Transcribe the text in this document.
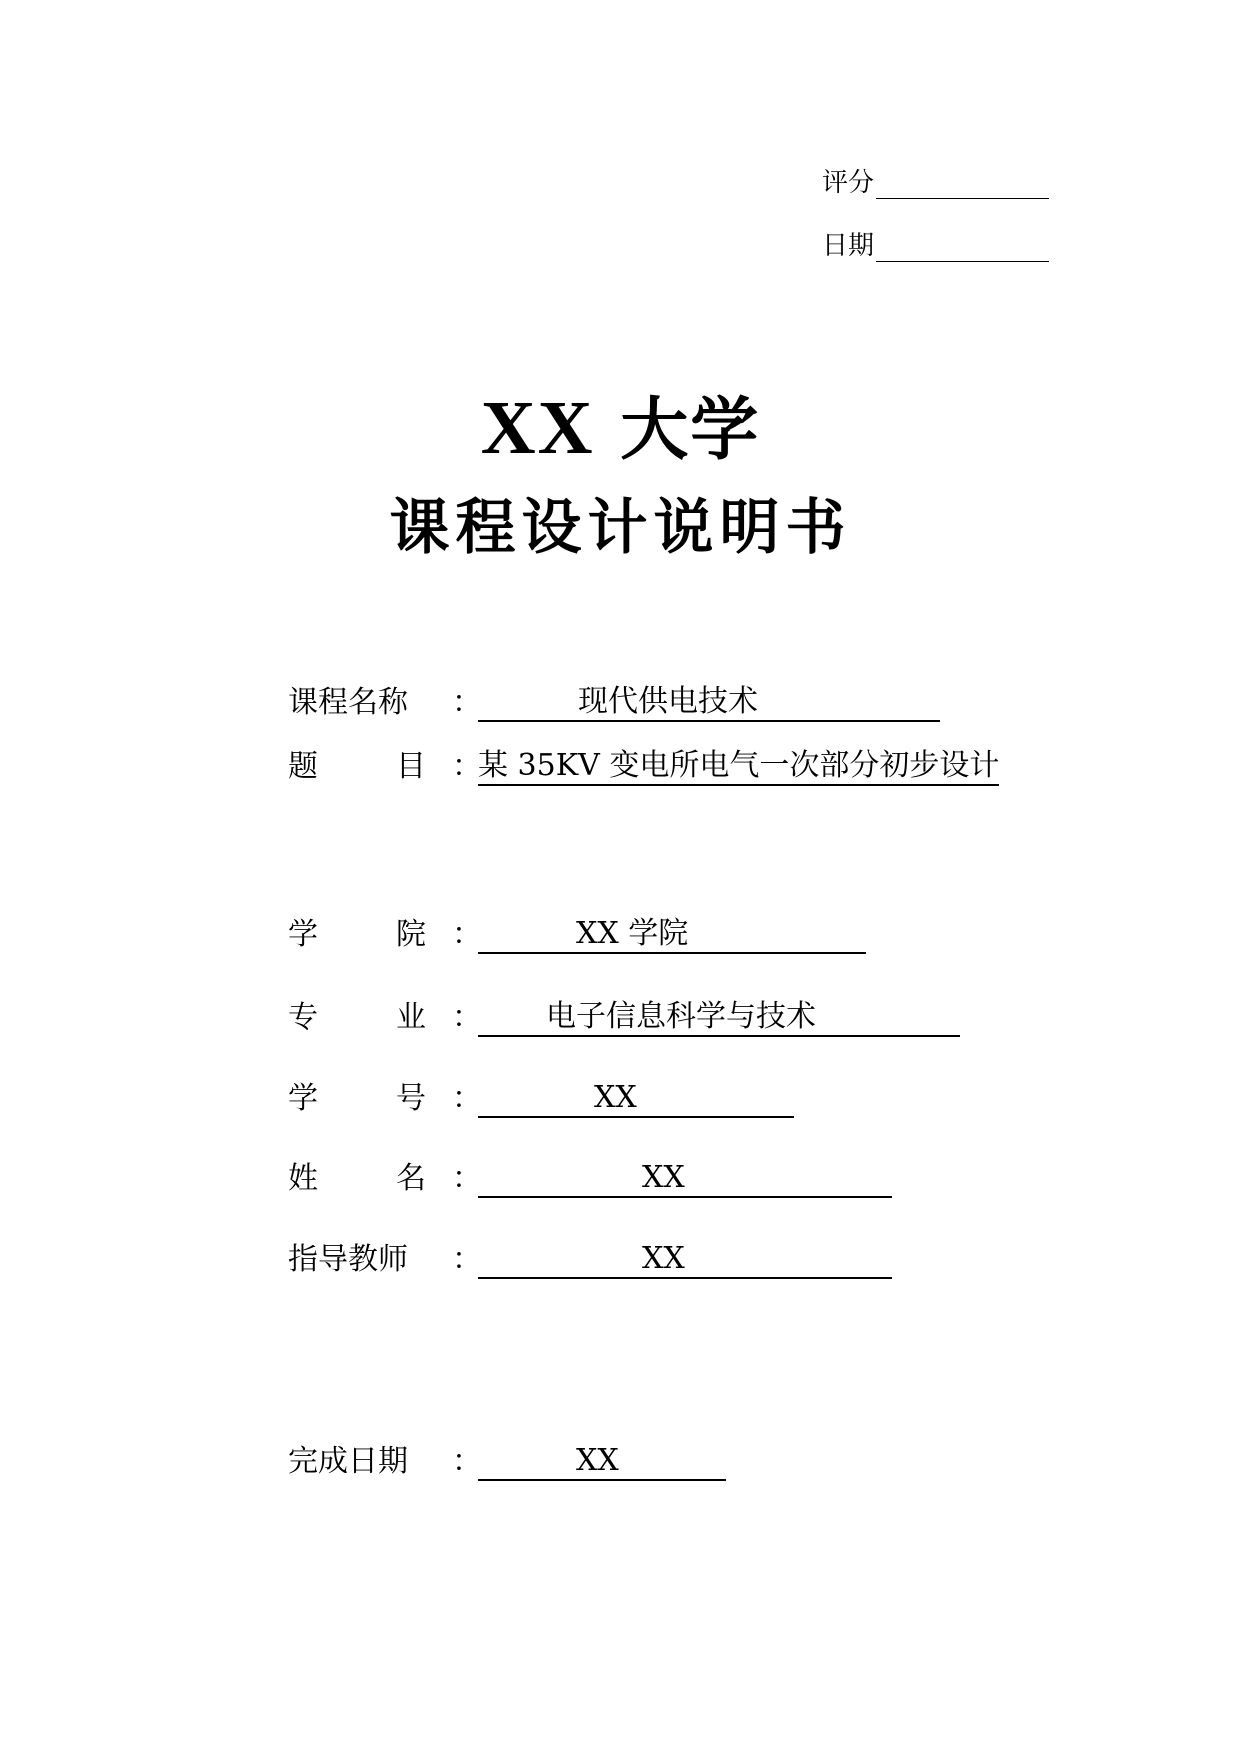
评分
日期
XX 大学
课程设计说明书
课程名称	：	现代供电技术
题	目 ：
某 35KV 变电所电气一次部分初步设计
学	院 ：	XX 学院
专	业 ：	电子信息科学与技术
学	号 ：	XX
姓	名 ：	XX
指导教师	：	XX
完成日期	：	XX
